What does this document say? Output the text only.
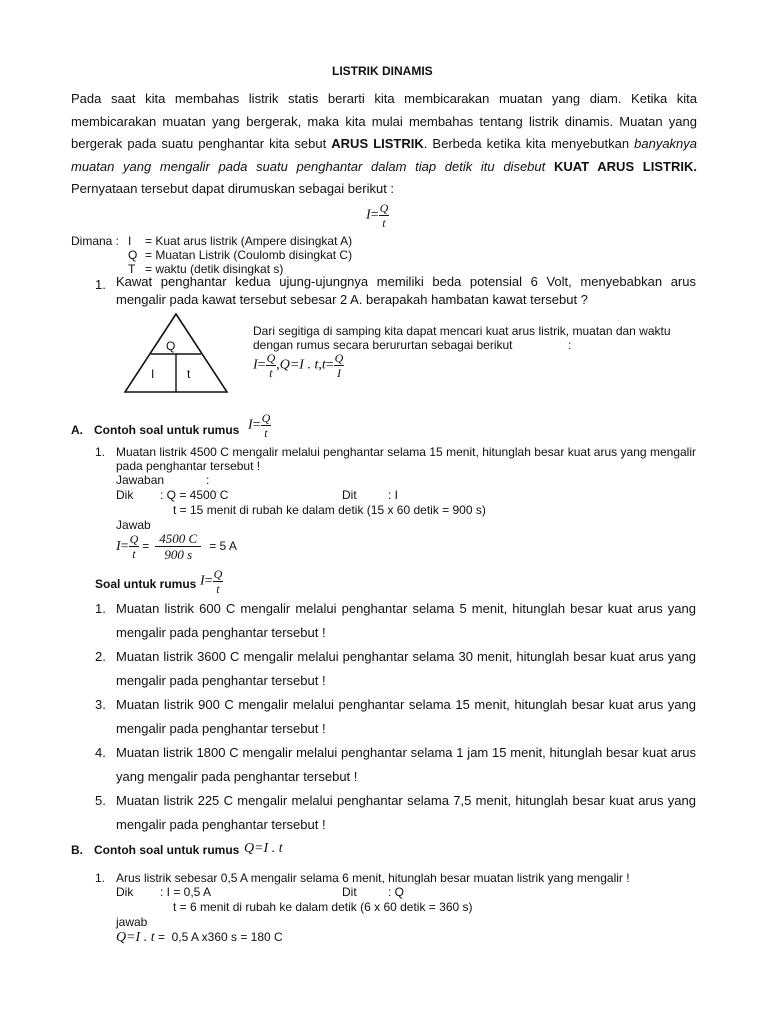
LISTRIK DINAMIS
Pada saat kita membahas listrik statis berarti kita membicarakan muatan yang diam. Ketika kita membicarakan muatan yang bergerak, maka kita mulai membahas tentang listrik dinamis. Muatan yang bergerak pada suatu penghantar kita sebut ARUS LISTRIK. Berbeda ketika kita menyebutkan banyaknya muatan yang mengalir pada suatu penghantar dalam tiap detik itu disebut KUAT ARUS LISTRIK. Pernyataan tersebut dapat dirumuskan sebagai berikut :
$I= \frac{Q}{t}$
Dimana : I = Kuat arus listrik (Ampere disingkat A)
Q = Muatan Listrik (Coulomb disingkat C)
T = waktu (detik disingkat s)
1. Kawat penghantar kedua ujung-ujungnya memiliki beda potensial 6 Volt, menyebabkan arus mengalir pada kawat tersebut sebesar 2 A. berapakah hambatan kawat tersebut ?
Q
I	t
Dari segitiga di samping kita dapat mencari kuat arus listrik, muatan dan waktu
dengan rumus secara berururtan sebagai berikut	:
$I= \frac{Q}{t} ,Q=I$ . $t,t= \frac{Q}{I}$
A. Contoh soal untuk rumus $I= \frac{Q}{t}$
1. Muatan listrik 4500 C mengalir melalui penghantar selama 15 menit, hitunglah besar kuat arus yang mengalir pada penghantar tersebut !
Jawaban	:
Dik : Q = 4500 C	Dit	: I
t = 15 menit di rubah ke dalam detik (15 x 60 detik = 900 s)
Jawab
$I= \frac{Q}{t} = \frac{4500 C}{900 s} = 5$ A
Soal untuk rumus $I= \frac{Q}{t}$
1. Muatan listrik 600 C mengalir melalui penghantar selama 5 menit, hitunglah besar kuat arus yang mengalir pada penghantar tersebut !
2. Muatan listrik 3600 C mengalir melalui penghantar selama 30 menit, hitunglah besar kuat arus yang mengalir pada penghantar tersebut !
3. Muatan listrik 900 C mengalir melalui penghantar selama 15 menit, hitunglah besar kuat arus yang mengalir pada penghantar tersebut !
4. Muatan listrik 1800 C mengalir melalui penghantar selama 1 jam 15 menit, hitunglah besar kuat arus yang mengalir pada penghantar tersebut !
5. Muatan listrik 225 C mengalir melalui penghantar selama 7,5 menit, hitunglah besar kuat arus yang mengalir pada penghantar tersebut !
B. Contoh soal untuk rumus Q=I . t
1. Arus listrik sebesar 0,5 A mengalir selama 6 menit, hitunglah besar muatan listrik yang mengalir !
Dik : I = 0,5 A	Dit	: Q
t = 6 menit di rubah ke dalam detik (6 x 60 detik = 360 s)
jawab
Q=I . t =  0,5 A x360 s = 180 C
